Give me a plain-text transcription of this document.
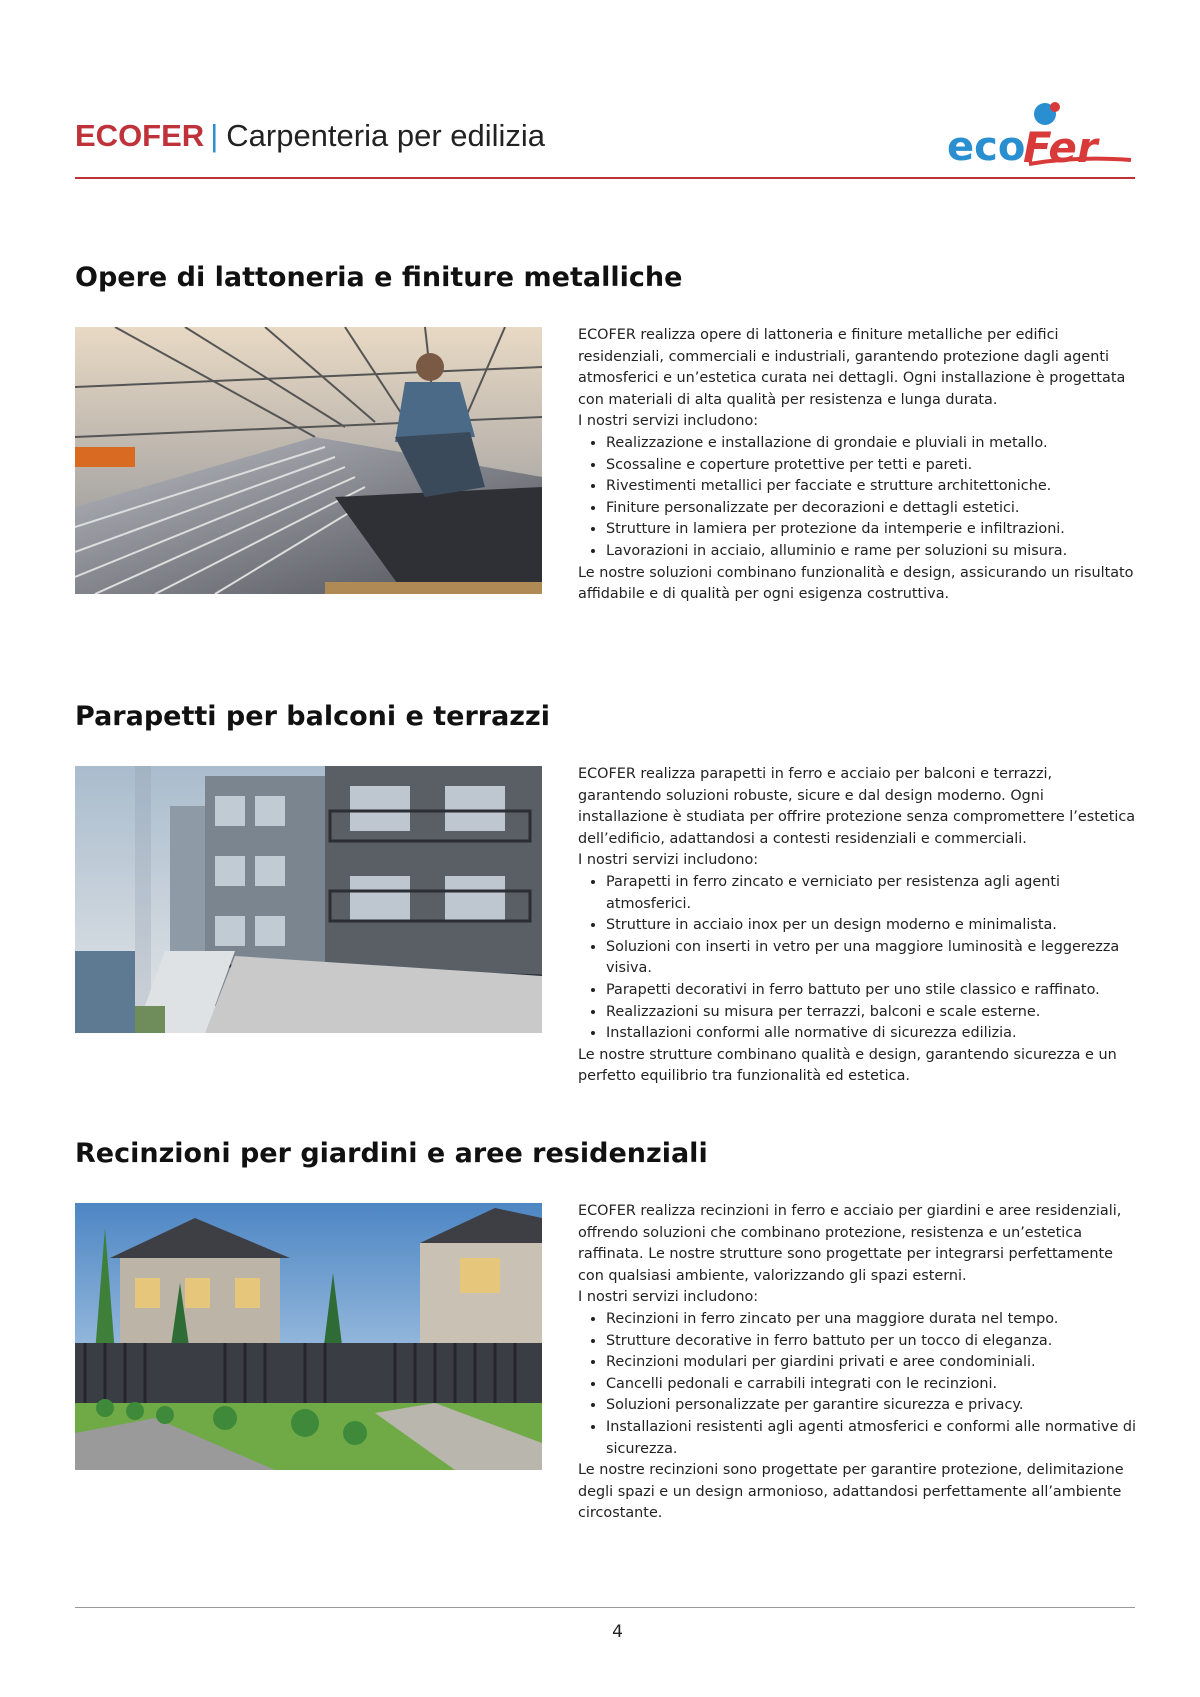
ECOFER | Carpenteria per edilizia	eco
Fer
Opere di lattoneria e finiture metalliche

ECOFER realizza opere di lattoneria e finiture metalliche per edifici residenziali, commerciali e industriali, garantendo protezione dagli agenti atmosferici e un’estetica curata nei dettagli. Ogni installazione è progettata con materiali di alta qualità per resistenza e lunga durata.

I nostri servizi includono:

• Realizzazione e installazione di grondaie e pluviali in metallo.
• Scossaline e coperture protettive per tetti e pareti.
• Rivestimenti metallici per facciate e strutture architettoniche.
• Finiture personalizzate per decorazioni e dettagli estetici.
• Strutture in lamiera per protezione da intemperie e infiltrazioni.
• Lavorazioni in acciaio, alluminio e rame per soluzioni su misura.

Le nostre soluzioni combinano funzionalità e design, assicurando un risultato affidabile e di qualità per ogni esigenza costruttiva.

Parapetti per balconi e terrazzi

ECOFER realizza parapetti in ferro e acciaio per balconi e terrazzi, garantendo soluzioni robuste, sicure e dal design moderno. Ogni installazione è studiata per offrire protezione senza compromettere l’estetica dell’edificio, adattandosi a contesti residenziali e commerciali.

I nostri servizi includono:

• Parapetti in ferro zincato e verniciato per resistenza agli agenti atmosferici.
• Strutture in acciaio inox per un design moderno e minimalista.
• Soluzioni con inserti in vetro per una maggiore luminosità e leggerezza visiva.
• Parapetti decorativi in ferro battuto per uno stile classico e raffinato.
• Realizzazioni su misura per terrazzi, balconi e scale esterne.
• Installazioni conformi alle normative di sicurezza edilizia.

Le nostre strutture combinano qualità e design, garantendo sicurezza e un perfetto equilibrio tra funzionalità ed estetica.

Recinzioni per giardini e aree residenziali

ECOFER realizza recinzioni in ferro e acciaio per giardini e aree residenziali, offrendo soluzioni che combinano protezione, resistenza e un’estetica raffinata. Le nostre strutture sono progettate per integrarsi perfettamente con qualsiasi ambiente, valorizzando gli spazi esterni.

I nostri servizi includono:

• Recinzioni in ferro zincato per una maggiore durata nel tempo.
• Strutture decorative in ferro battuto per un tocco di eleganza.
• Recinzioni modulari per giardini privati e aree condominiali.
• Cancelli pedonali e carrabili integrati con le recinzioni.
• Soluzioni personalizzate per garantire sicurezza e privacy.
• Installazioni resistenti agli agenti atmosferici e conformi alle normative di sicurezza.

Le nostre recinzioni sono progettate per garantire protezione, delimitazione degli spazi e un design armonioso, adattandosi perfettamente all’ambiente circostante.

4
